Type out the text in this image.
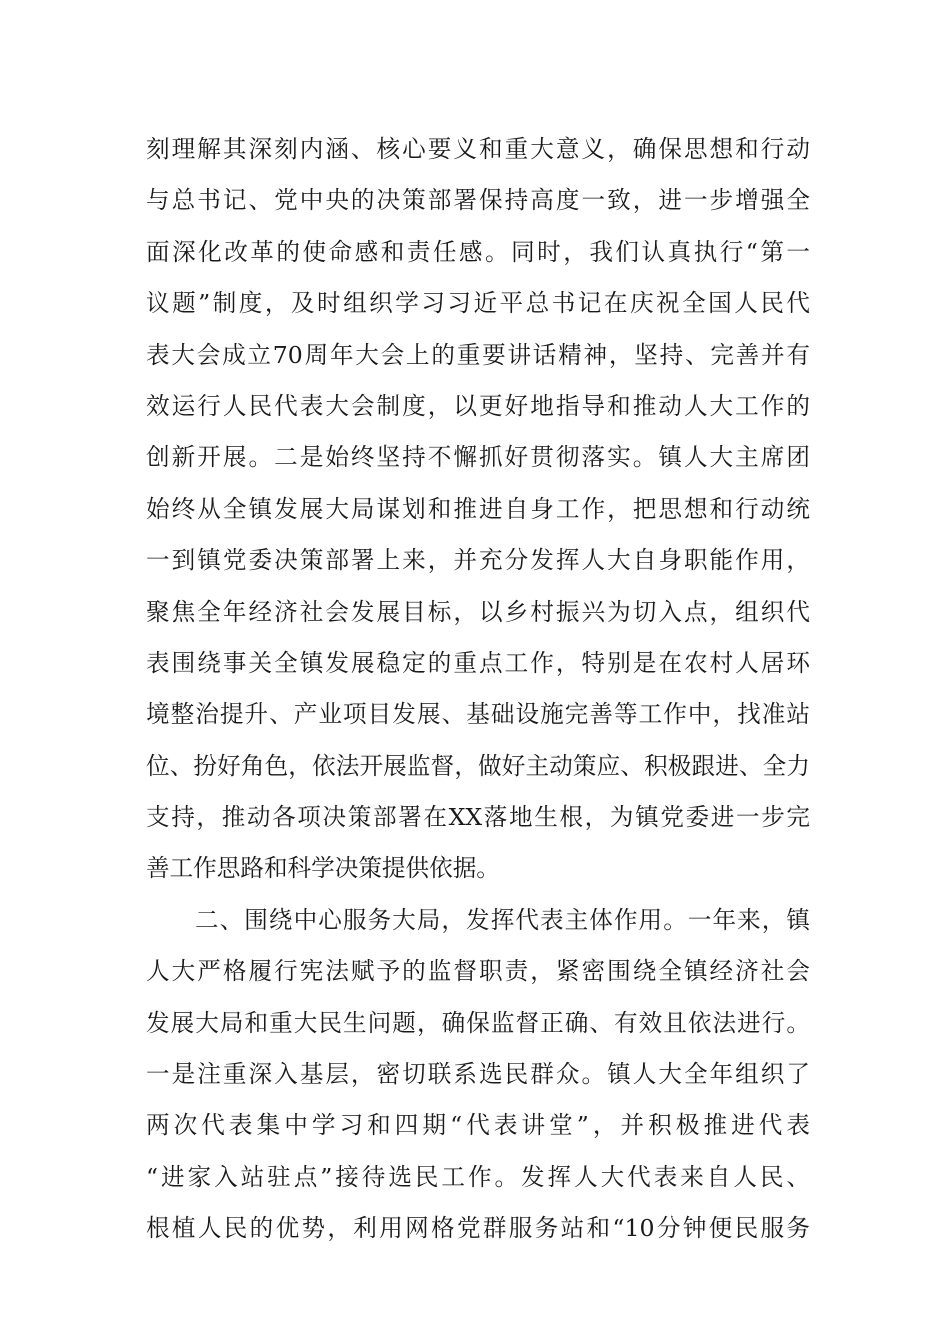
刻理解其深刻内涵、核心要义和重大意义，确保思想和行动
与总书记、党中央的决策部署保持高度一致，进一步增强全
面深化改革的使命感和责任感。同时，我们认真执行“第一
议题”制度，及时组织学习习近平总书记在庆祝全国人民代
表大会成立70周年大会上的重要讲话精神，坚持、完善并有
效运行人民代表大会制度，以更好地指导和推动人大工作的
创新开展。二是始终坚持不懈抓好贯彻落实。镇人大主席团
始终从全镇发展大局谋划和推进自身工作，把思想和行动统
一到镇党委决策部署上来，并充分发挥人大自身职能作用，
聚焦全年经济社会发展目标，以乡村振兴为切入点，组织代
表围绕事关全镇发展稳定的重点工作，特别是在农村人居环
境整治提升、产业项目发展、基础设施完善等工作中，找准站
位、扮好角色，依法开展监督，做好主动策应、积极跟进、全力
支持，推动各项决策部署在XX落地生根，为镇党委进一步完
善工作思路和科学决策提供依据。
二、围绕中心服务大局，发挥代表主体作用。一年来，镇
人大严格履行宪法赋予的监督职责，紧密围绕全镇经济社会
发展大局和重大民生问题，确保监督正确、有效且依法进行。
一是注重深入基层，密切联系选民群众。镇人大全年组织了
两次代表集中学习和四期“代表讲堂”，并积极推进代表
“进家入站驻点”接待选民工作。发挥人大代表来自人民、
根植人民的优势，利用网格党群服务站和“10分钟便民服务
